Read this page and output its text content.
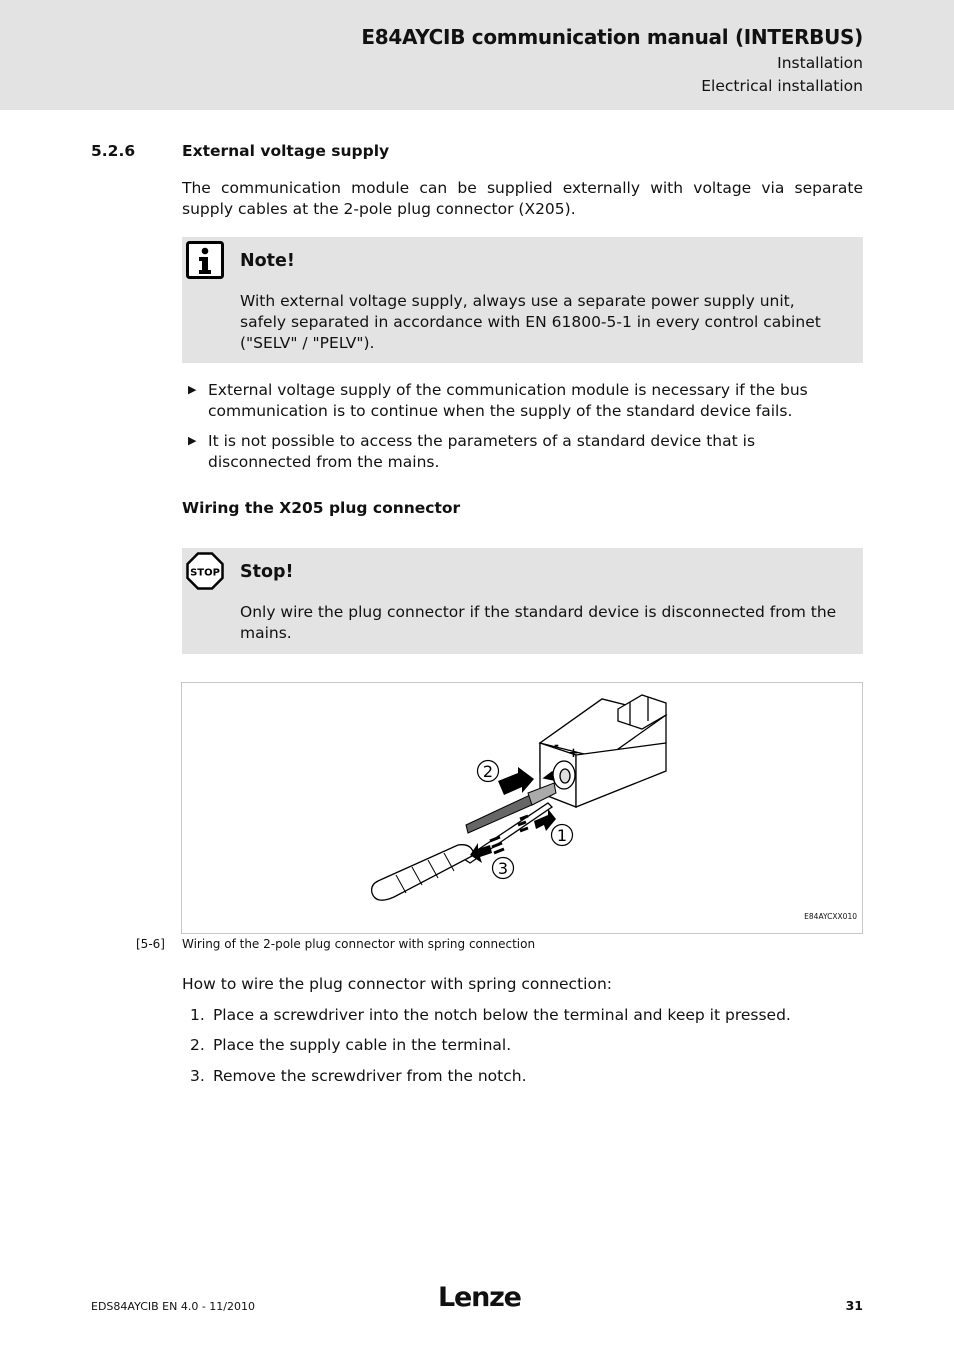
E84AYCIB communication manual (INTERBUS)
Installation
Electrical installation
5.2.6	External voltage supply
The communication module can be supplied externally with voltage via separate supply cables at the 2-pole plug connector (X205).
Note!
With external voltage supply, always use a separate power supply unit, safely separated in accordance with EN 61800-5-1 in every control cabinet ("SELV" / "PELV").
▶ External voltage supply of the communication module is necessary if the bus communication is to continue when the supply of the standard device fails.
▶ It is not possible to access the parameters of a standard device that is disconnected from the mains.
Wiring the X205 plug connector
STOP Stop!
Only wire the plug connector if the standard device is disconnected from the mains.
-
+
2
1
3
E84AYCXX010
[5-6] Wiring of the 2-pole plug connector with spring connection
How to wire the plug connector with spring connection:
1. Place a screwdriver into the notch below the terminal and keep it pressed.
2. Place the supply cable in the terminal.
3. Remove the screwdriver from the notch.
EDS84AYCIB EN 4.0 - 11/2010	Lenze	31
